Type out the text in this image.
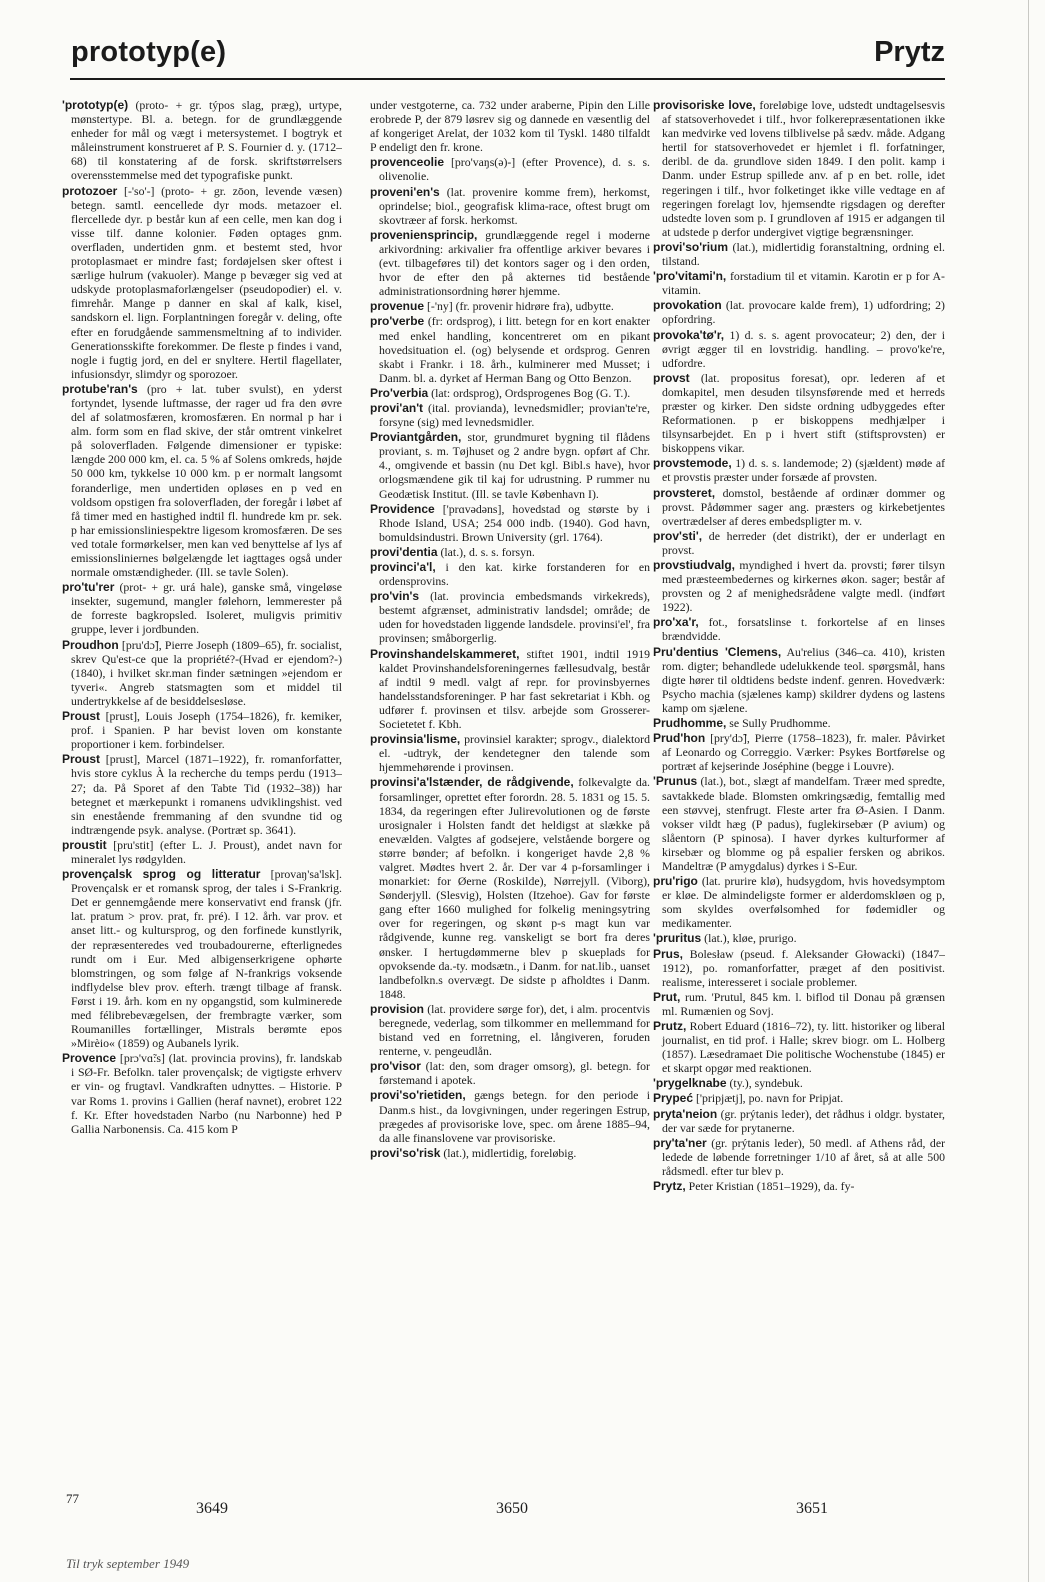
prototyp(e)	Prytz

'prototyp(e) (proto- + gr. týpos slag, præg), urtype, mønstertype. Bl. a. betegn. for de grundlæggende enheder for mål og vægt i metersystemet. I bogtryk et måleinstrument konstrueret af P. S. Fournier d. y. (1712–68) til konstatering af de forsk. skriftstørrelsers overensstemmelse med det typografiske punkt.

protozoer [-'so'-] (proto- + gr. zōon, levende væsen) betegn. samtl. eencellede dyr mods. metazoer el. flercellede dyr. p består kun af een celle, men kan dog i visse tilf. danne kolonier. Føden optages gnm. overfladen, undertiden gnm. et bestemt sted, hvor protoplasmaet er mindre fast; fordøjelsen sker oftest i særlige hulrum (vakuoler). Mange p bevæger sig ved at udskyde protoplasmaforlængelser (pseudopodier) el. v. fimrehår. Mange p danner en skal af kalk, kisel, sandskorn el. lign. Forplantningen foregår v. deling, ofte efter en forudgående sammensmeltning af to individer. Generationsskifte forekommer. De fleste p findes i vand, nogle i fugtig jord, en del er snyltere. Hertil flagellater, infusionsdyr, slimdyr og sporozoer.

protube'ran's (pro + lat. tuber svulst), en yderst fortyndet, lysende luftmasse, der rager ud fra den øvre del af solatmosfæren, kromosfæren. En normal p har i alm. form som en flad skive, der står omtrent vinkelret på soloverfladen. Følgende dimensioner er typiske: længde 200 000 km, el. ca. 5 % af Solens omkreds, højde 50 000 km, tykkelse 10 000 km. p er normalt langsomt foranderlige, men undertiden opløses en p ved en voldsom opstigen fra soloverfladen, der foregår i løbet af få timer med en hastighed indtil fl. hundrede km pr. sek. p har emissionsliniespektre ligesom kromosfæren. De ses ved totale formørkelser, men kan ved benyttelse af lys af emissionsliniernes bølgelængde let iagttages også under normale omstændigheder. (Ill. se tavle Solen).

pro'tu'rer (prot- + gr. urá hale), ganske små, vingeløse insekter, sugemund, mangler følehorn, lemmerester på de forreste bagkropsled. Isoleret, muligvis primitiv gruppe, lever i jordbunden.

Proudhon [pru'dɔ̃], Pierre Joseph (1809–65), fr. socialist, skrev Qu'est-ce que la propriété?-(Hvad er ejendom?-)(1840), i hvilket skr.man finder sætningen »ejendom er tyveri«. Angreb statsmagten som et middel til undertrykkelse af de besiddelsesløse.

Proust [prust], Louis Joseph (1754–1826), fr. kemiker, prof. i Spanien. P har bevist loven om konstante proportioner i kem. forbindelser.

Proust [prust], Marcel (1871–1922), fr. romanforfatter, hvis store cyklus À la recherche du temps perdu (1913–27; da. På Sporet af den Tabte Tid (1932–38)) har betegnet et mærkepunkt i romanens udviklingshist. ved sin enestående fremmaning af den svundne tid og indtrængende psyk. analyse. (Portræt sp. 3641).

proustit [pru'stit] (efter L. J. Proust), andet navn for mineralet lys rødgylden.

provençalsk sprog og litteratur [provaŋ'sa'lsk]. Provençalsk er et romansk sprog, der tales i S-Frankrig. Det er gennemgående mere konservativt end fransk (jfr. lat. pratum > prov. prat, fr. pré). I 12. årh. var prov. et anset litt.- og kultursprog, og den forfinede kunstlyrik, der repræsenteredes ved troubadourerne, efterlignedes rundt om i Eur. Med albigenserkrigene ophørte blomstringen, og som følge af N-frankrigs voksende indflydelse blev prov. efterh. trængt tilbage af fransk. Først i 19. årh. kom en ny opgangstid, som kulminerede med félibrebevægelsen, der frembragte værker, som Roumanilles fortællinger, Mistrals berømte epos »Mirèio« (1859) og Aubanels lyrik.

Provence [prɔ'vɑ̃:s] (lat. provincia provins), fr. landskab i SØ-Fr. Befolkn. taler provençalsk; de vigtigste erhverv er vin- og frugtavl. Vandkraften udnyttes. – Historie. P var Roms 1. provins i Gallien (heraf navnet), erobret 122 f. Kr. Efter hovedstaden Narbo (nu Narbonne) hed P Gallia Narbonensis. Ca. 415 kom P

under vestgoterne, ca. 732 under araberne, Pipin den Lille erobrede P, der 879 løsrev sig og dannede en væsentlig del af kongeriget Arelat, der 1032 kom til Tyskl. 1480 tilfaldt P endeligt den fr. krone.

provenceolie [pro'vaŋs(ə)-] (efter Provence), d. s. s. olivenolie.

proveni'en's (lat. provenire komme frem), herkomst, oprindelse; biol., geografisk klima-race, oftest brugt om skovtræer af forsk. herkomst.

proveniensprincip, grundlæggende regel i moderne arkivordning: arkivalier fra offentlige arkiver bevares i (evt. tilbageføres til) det kontors sager og i den orden, hvor de efter den på akternes tid bestående administrationsordning hører hjemme.

provenue [-'ny] (fr. provenir hidrøre fra), udbytte.

pro'verbe (fr: ordsprog), i litt. betegn for en kort enakter med enkel handling, koncentreret om en pikant hovedsituation el. (og) belysende et ordsprog. Genren skabt i Frankr. i 18. årh., kulminerer med Musset; i Danm. bl. a. dyrket af Herman Bang og Otto Benzon.

Pro'verbia (lat: ordsprog), Ordsprogenes Bog (G. T.).

provi'an't (ital. provianda), levnedsmidler; provian'te're, forsyne (sig) med levnedsmidler.

Proviantgården, stor, grundmuret bygning til flådens proviant, s. m. Tøjhuset og 2 andre bygn. opført af Chr. 4., omgivende et bassin (nu Det kgl. Bibl.s have), hvor orlogsmændene gik til kaj for udrustning. P rummer nu Geodætisk Institut. (Ill. se tavle København I).

Providence ['prɑvədəns], hovedstad og største by i Rhode Island, USA; 254 000 indb. (1940). God havn, bomuldsindustri. Brown University (grl. 1764).

provi'dentia (lat.), d. s. s. forsyn.

provinci'a'l, i den kat. kirke forstanderen for en ordensprovins.

pro'vin's (lat. provincia embedsmands virkekreds), bestemt afgrænset, administrativ landsdel; område; de uden for hovedstaden liggende landsdele. provinsi'el', fra provinsen; småborgerlig.

Provinshandelskammeret, stiftet 1901, indtil 1919 kaldet Provinshandelsforeningernes fællesudvalg, består af indtil 9 medl. valgt af repr. for provinsbyernes handelsstandsforeninger. P har fast sekretariat i Kbh. og udfører f. provinsen et tilsv. arbejde som Grosserer-Societetet f. Kbh.

provinsia'lisme, provinsiel karakter; sprogv., dialektord el. -udtryk, der kendetegner den talende som hjemmehørende i provinsen.

provinsi'a'lstænder, de rådgivende, folkevalgte da. forsamlinger, oprettet efter forordn. 28. 5. 1831 og 15. 5. 1834, da regeringen efter Julirevolutionen og de første urosignaler i Holsten fandt det heldigst at slække på enevælden. Valgtes af godsejere, velstående borgere og større bønder; af befolkn. i kongeriget havde 2,8 % valgret. Mødtes hvert 2. år. Der var 4 p-forsamlinger i monarkiet: for Øerne (Roskilde), Nørrejyll. (Viborg), Sønderjyll. (Slesvig), Holsten (Itzehoe). Gav for første gang efter 1660 mulighed for folkelig meningsytring over for regeringen, og skønt p-s magt kun var rådgivende, kunne reg. vanskeligt se bort fra deres ønsker. I hertugdømmerne blev p skueplads for opvoksende da.-ty. modsætn., i Danm. for nat.lib., uanset landbefolkn.s overvægt. De sidste p afholdtes i Danm. 1848.

provision (lat. providere sørge for), det, i alm. procentvis beregnede, vederlag, som tilkommer en mellemmand for bistand ved en forretning, el. långiveren, foruden renterne, v. pengeudlån.

pro'visor (lat: den, som drager omsorg), gl. betegn. for førstemand i apotek.

provi'so'rietiden, gængs betegn. for den periode i Danm.s hist., da lovgivningen, under regeringen Estrup, prægedes af provisoriske love, spec. om årene 1885–94, da alle finanslovene var provisoriske.

provi'so'risk (lat.), midlertidig, foreløbig.

provisoriske love, foreløbige love, udstedt undtagelsesvis af statsoverhovedet i tilf., hvor folkerepræsentationen ikke kan medvirke ved lovens tilblivelse på sædv. måde. Adgang hertil for statsoverhovedet er hjemlet i fl. forfatninger, deribl. de da. grundlove siden 1849. I den polit. kamp i Danm. under Estrup spillede anv. af p en bet. rolle, idet regeringen i tilf., hvor folketinget ikke ville vedtage en af regeringen forelagt lov, hjemsendte rigsdagen og derefter udstedte loven som p. I grundloven af 1915 er adgangen til at udstede p derfor undergivet vigtige begrænsninger.

provi'so'rium (lat.), midlertidig foranstaltning, ordning el. tilstand.

'pro'vitami'n, forstadium til et vitamin. Karotin er p for A-vitamin.

provokation (lat. provocare kalde frem), 1) udfordring; 2) opfordring.

provoka'tø'r, 1) d. s. s. agent provocateur; 2) den, der i øvrigt ægger til en lovstridig. handling. – provo'ke're, udfordre.

provst (lat. propositus foresat), opr. lederen af et domkapitel, men desuden tilsynsførende med et herreds præster og kirker. Den sidste ordning udbyggedes efter Reformationen. p er biskoppens medhjælper i tilsynsarbejdet. En p i hvert stift (stiftsprovsten) er biskoppens vikar.

provstemode, 1) d. s. s. landemode; 2) (sjældent) møde af et provstis præster under forsæde af provsten.

provsteret, domstol, bestående af ordinær dommer og provst. Pådømmer sager ang. præsters og kirkebetjentes overtrædelser af deres embedspligter m. v.

prov'sti', de herreder (det distrikt), der er underlagt en provst.

provstiudvalg, myndighed i hvert da. provsti; fører tilsyn med præsteembedernes og kirkernes økon. sager; består af provsten og 2 af menighedsrådene valgte medl. (indført 1922).

pro'xa'r, fot., forsatslinse t. forkortelse af en linses brændvidde.

Pru'dentius 'Clemens, Au'relius (346–ca. 410), kristen rom. digter; behandlede udelukkende teol. spørgsmål, hans digte hører til oldtidens bedste indenf. genren. Hovedværk: Psycho machia (sjælenes kamp) skildrer dydens og lastens kamp om sjælene.

Prudhomme, se Sully Prudhomme.

Prud'hon [pry'dɔ̃], Pierre (1758–1823), fr. maler. Påvirket af Leonardo og Correggio. Værker: Psykes Bortførelse og portræt af kejserinde Joséphine (begge i Louvre).

'Prunus (lat.), bot., slægt af mandelfam. Træer med spredte, savtakkede blade. Blomsten omkringsædig, femtallig med een støvvej, stenfrugt. Fleste arter fra Ø-Asien. I Danm. vokser vildt hæg (P padus), fuglekirsebær (P avium) og slåentorn (P spinosa). I haver dyrkes kulturformer af kirsebær og blomme og på espalier fersken og abrikos. Mandeltræ (P amygdalus) dyrkes i S-Eur.

pru'rigo (lat. prurire klø), hudsygdom, hvis hovedsymptom er kløe. De almindeligste former er alderdomskløen og p, som skyldes overfølsomhed for fødemidler og medikamenter.

'pruritus (lat.), kløe, prurigo.

Prus, Bolesław (pseud. f. Aleksander Głowacki) (1847–1912), po. romanforfatter, præget af den positivist. realisme, interesseret i sociale problemer.

Prut, rum. 'Prutul, 845 km. l. biflod til Donau på grænsen ml. Rumænien og Sovj.

Prutz, Robert Eduard (1816–72), ty. litt. historiker og liberal journalist, en tid prof. i Halle; skrev biogr. om L. Holberg (1857). Læsedramaet Die politische Wochenstube (1845) er et skarpt opgør med reaktionen.

'prygelknabe (ty.), syndebuk.

Prypeć ['pripjætj], po. navn for Pripjat.

pryta'neion (gr. prýtanis leder), det rådhus i oldgr. bystater, der var sæde for prytanerne.

pry'ta'ner (gr. prýtanis leder), 50 medl. af Athens råd, der ledede de løbende forretninger 1/10 af året, så at alle 500 rådsmedl. efter tur blev p.

Prytz, Peter Kristian (1851–1929), da. fy-

77
3649	3650	3651
Til tryk september 1949
